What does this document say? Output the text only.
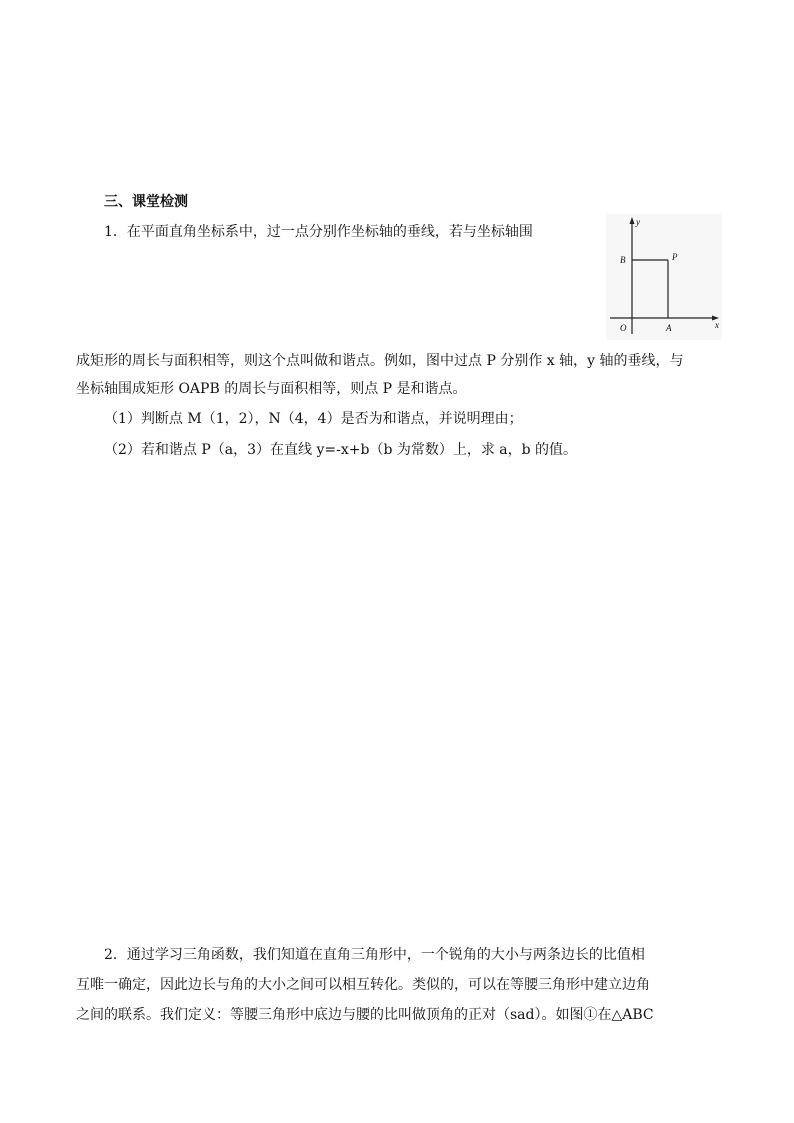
三、课堂检测
1．在平面直角坐标系中，过一点分别作坐标轴的垂线，若与坐标轴围
y
x
O	A
B	P
成矩形的周长与面积相等，则这个点叫做和谐点。例如，图中过点 P 分别作 x 轴，y 轴的垂线，与
坐标轴围成矩形 OAPB 的周长与面积相等，则点 P 是和谐点。
（1）判断点 M（1，2），N（4，4）是否为和谐点，并说明理由；
（2）若和谐点 P（a，3）在直线 y=-x+b（b 为常数）上，求 a，b 的值。
2．通过学习三角函数，我们知道在直角三角形中，一个锐角的大小与两条边长的比值相
互唯一确定，因此边长与角的大小之间可以相互转化。类似的，可以在等腰三角形中建立边角
之间的联系。我们定义：等腰三角形中底边与腰的比叫做顶角的正对（sad）。如图①在△ABC
